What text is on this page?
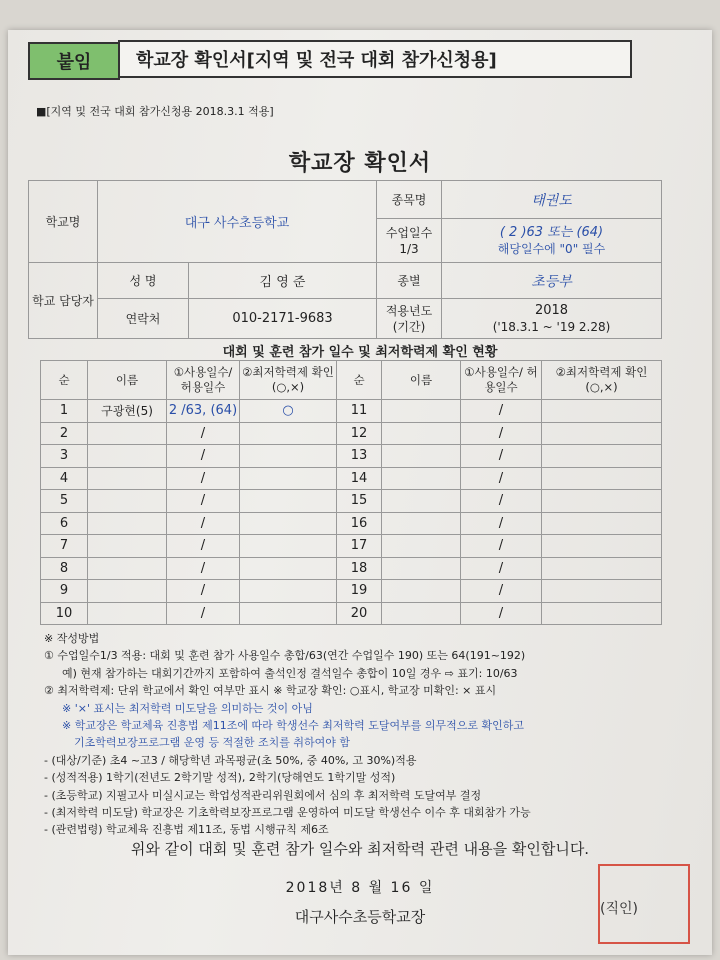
붙임	학교장 확인서[지역 및 전국 대회 참가신청용]
■[지역 및 전국 대회 참가신청용 2018.3.1 적용]
학교장 확인서
학교명	대구 사수초등학교		종목명	태권도
			수업일수 1/3	( 2 )63 또는 (64)
해당일수에 "0" 필수

학교 담당자	성 명	김 영 준	종별	초등부
	연락처	010-2171-9683	적용년도 (기간)	2018
('18.3.1 ~ '19 2.28)
대회 및 훈련 참가 일수 및 최저학력제 확인 현황
순	이름	①사용일수/ 허용일수	②최저학력제 확인(○,×)	순	이름	①사용일수/ 허용일수	②최저학력제 확인(○,×)
1	구광현(5)	2 /63, (64)	○	11		/	
2		/		12		/	
3		/		13		/	
4		/		14		/	
5		/		15		/	
6		/		16		/	
7		/		17		/	
8		/		18		/	
9		/		19		/	
10		/		20		/	
※ 작성방법
① 수업일수1/3 적용: 대회 및 훈련 참가 사용일수 총합/63(연간 수업일수 190) 또는 64(191~192)
예) 현재 참가하는 대회기간까지 포함하여 출석인정 결석일수 총합이 10일 경우 ⇨ 표기: 10/63
② 최저학력제: 단위 학교에서 확인 여부만 표시 ※ 학교장 확인: ○표시, 학교장 미확인: × 표시
※ '×' 표시는 최저학력 미도달을 의미하는 것이 아님
※ 학교장은 학교체육 진흥법 제11조에 따라 학생선수 최저학력 도달여부를 의무적으로 확인하고
기초학력보장프로그램 운영 등 적절한 조치를 취하여야 함
- (대상/기준) 초4 ~고3 / 해당학년 과목평균(초 50%, 중 40%, 고 30%)적용
- (성적적용) 1학기(전년도 2학기말 성적), 2학기(당해연도 1학기말 성적)
- (초등학교) 지필고사 미실시교는 학업성적관리위원회에서 심의 후 최저학력 도달여부 결정
- (최저학력 미도달) 학교장은 기초학력보장프로그램 운영하여 미도달 학생선수 이수 후 대회참가 가능
- (관련법령) 학교체육 진흥법 제11조, 동법 시행규칙 제6조
위와 같이 대회 및 훈련 참가 일수와 최저학력 관련 내용을 확인합니다.
2018년 8 월 16 일
대구사수초등학교장	(직인)
